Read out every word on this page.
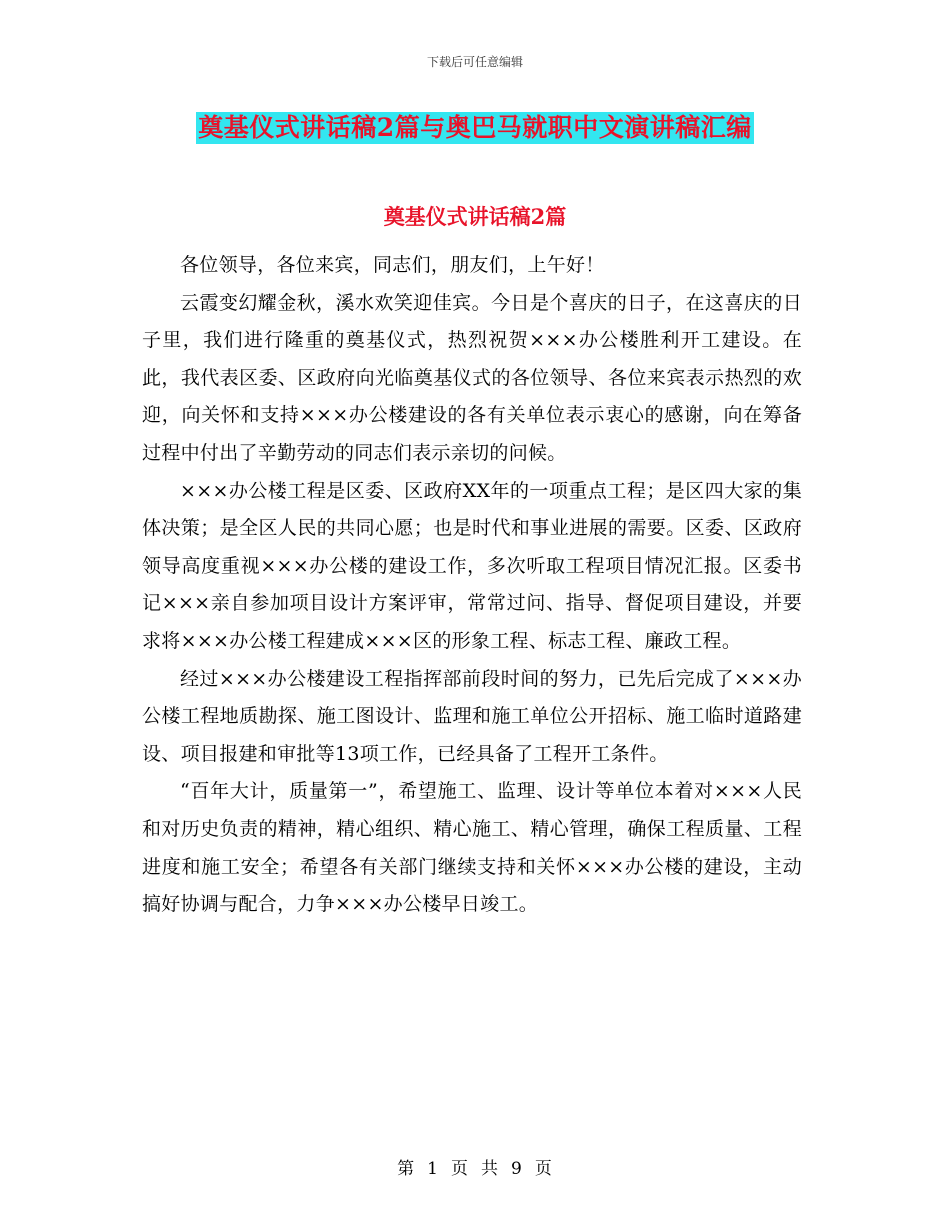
下载后可任意编辑
奠基仪式讲话稿2篇与奥巴马就职中文演讲稿汇编
奠基仪式讲话稿2篇

各位领导，各位来宾，同志们，朋友们，上午好！

云霞变幻耀金秋，溪水欢笑迎佳宾。今日是个喜庆的日子，在这喜庆的日子里，我们进行隆重的奠基仪式，热烈祝贺×××办公楼胜利开工建设。在此，我代表区委、区政府向光临奠基仪式的各位领导、各位来宾表示热烈的欢迎，向关怀和支持×××办公楼建设的各有关单位表示衷心的感谢，向在筹备过程中付出了辛勤劳动的同志们表示亲切的问候。

×××办公楼工程是区委、区政府XX年的一项重点工程；是区四大家的集体决策；是全区人民的共同心愿；也是时代和事业进展的需要。区委、区政府领导高度重视×××办公楼的建设工作，多次听取工程项目情况汇报。区委书记×××亲自参加项目设计方案评审，常常过问、指导、督促项目建设，并要求将×××办公楼工程建成×××区的形象工程、标志工程、廉政工程。

经过×××办公楼建设工程指挥部前段时间的努力，已先后完成了×××办公楼工程地质勘探、施工图设计、监理和施工单位公开招标、施工临时道路建设、项目报建和审批等13项工作，已经具备了工程开工条件。

“百年大计，质量第一”，希望施工、监理、设计等单位本着对×××人民和对历史负责的精神，精心组织、精心施工、精心管理，确保工程质量、工程进度和施工安全；希望各有关部门继续支持和关怀×××办公楼的建设，主动搞好协调与配合，力争×××办公楼早日竣工。

第 1 页 共 9 页
